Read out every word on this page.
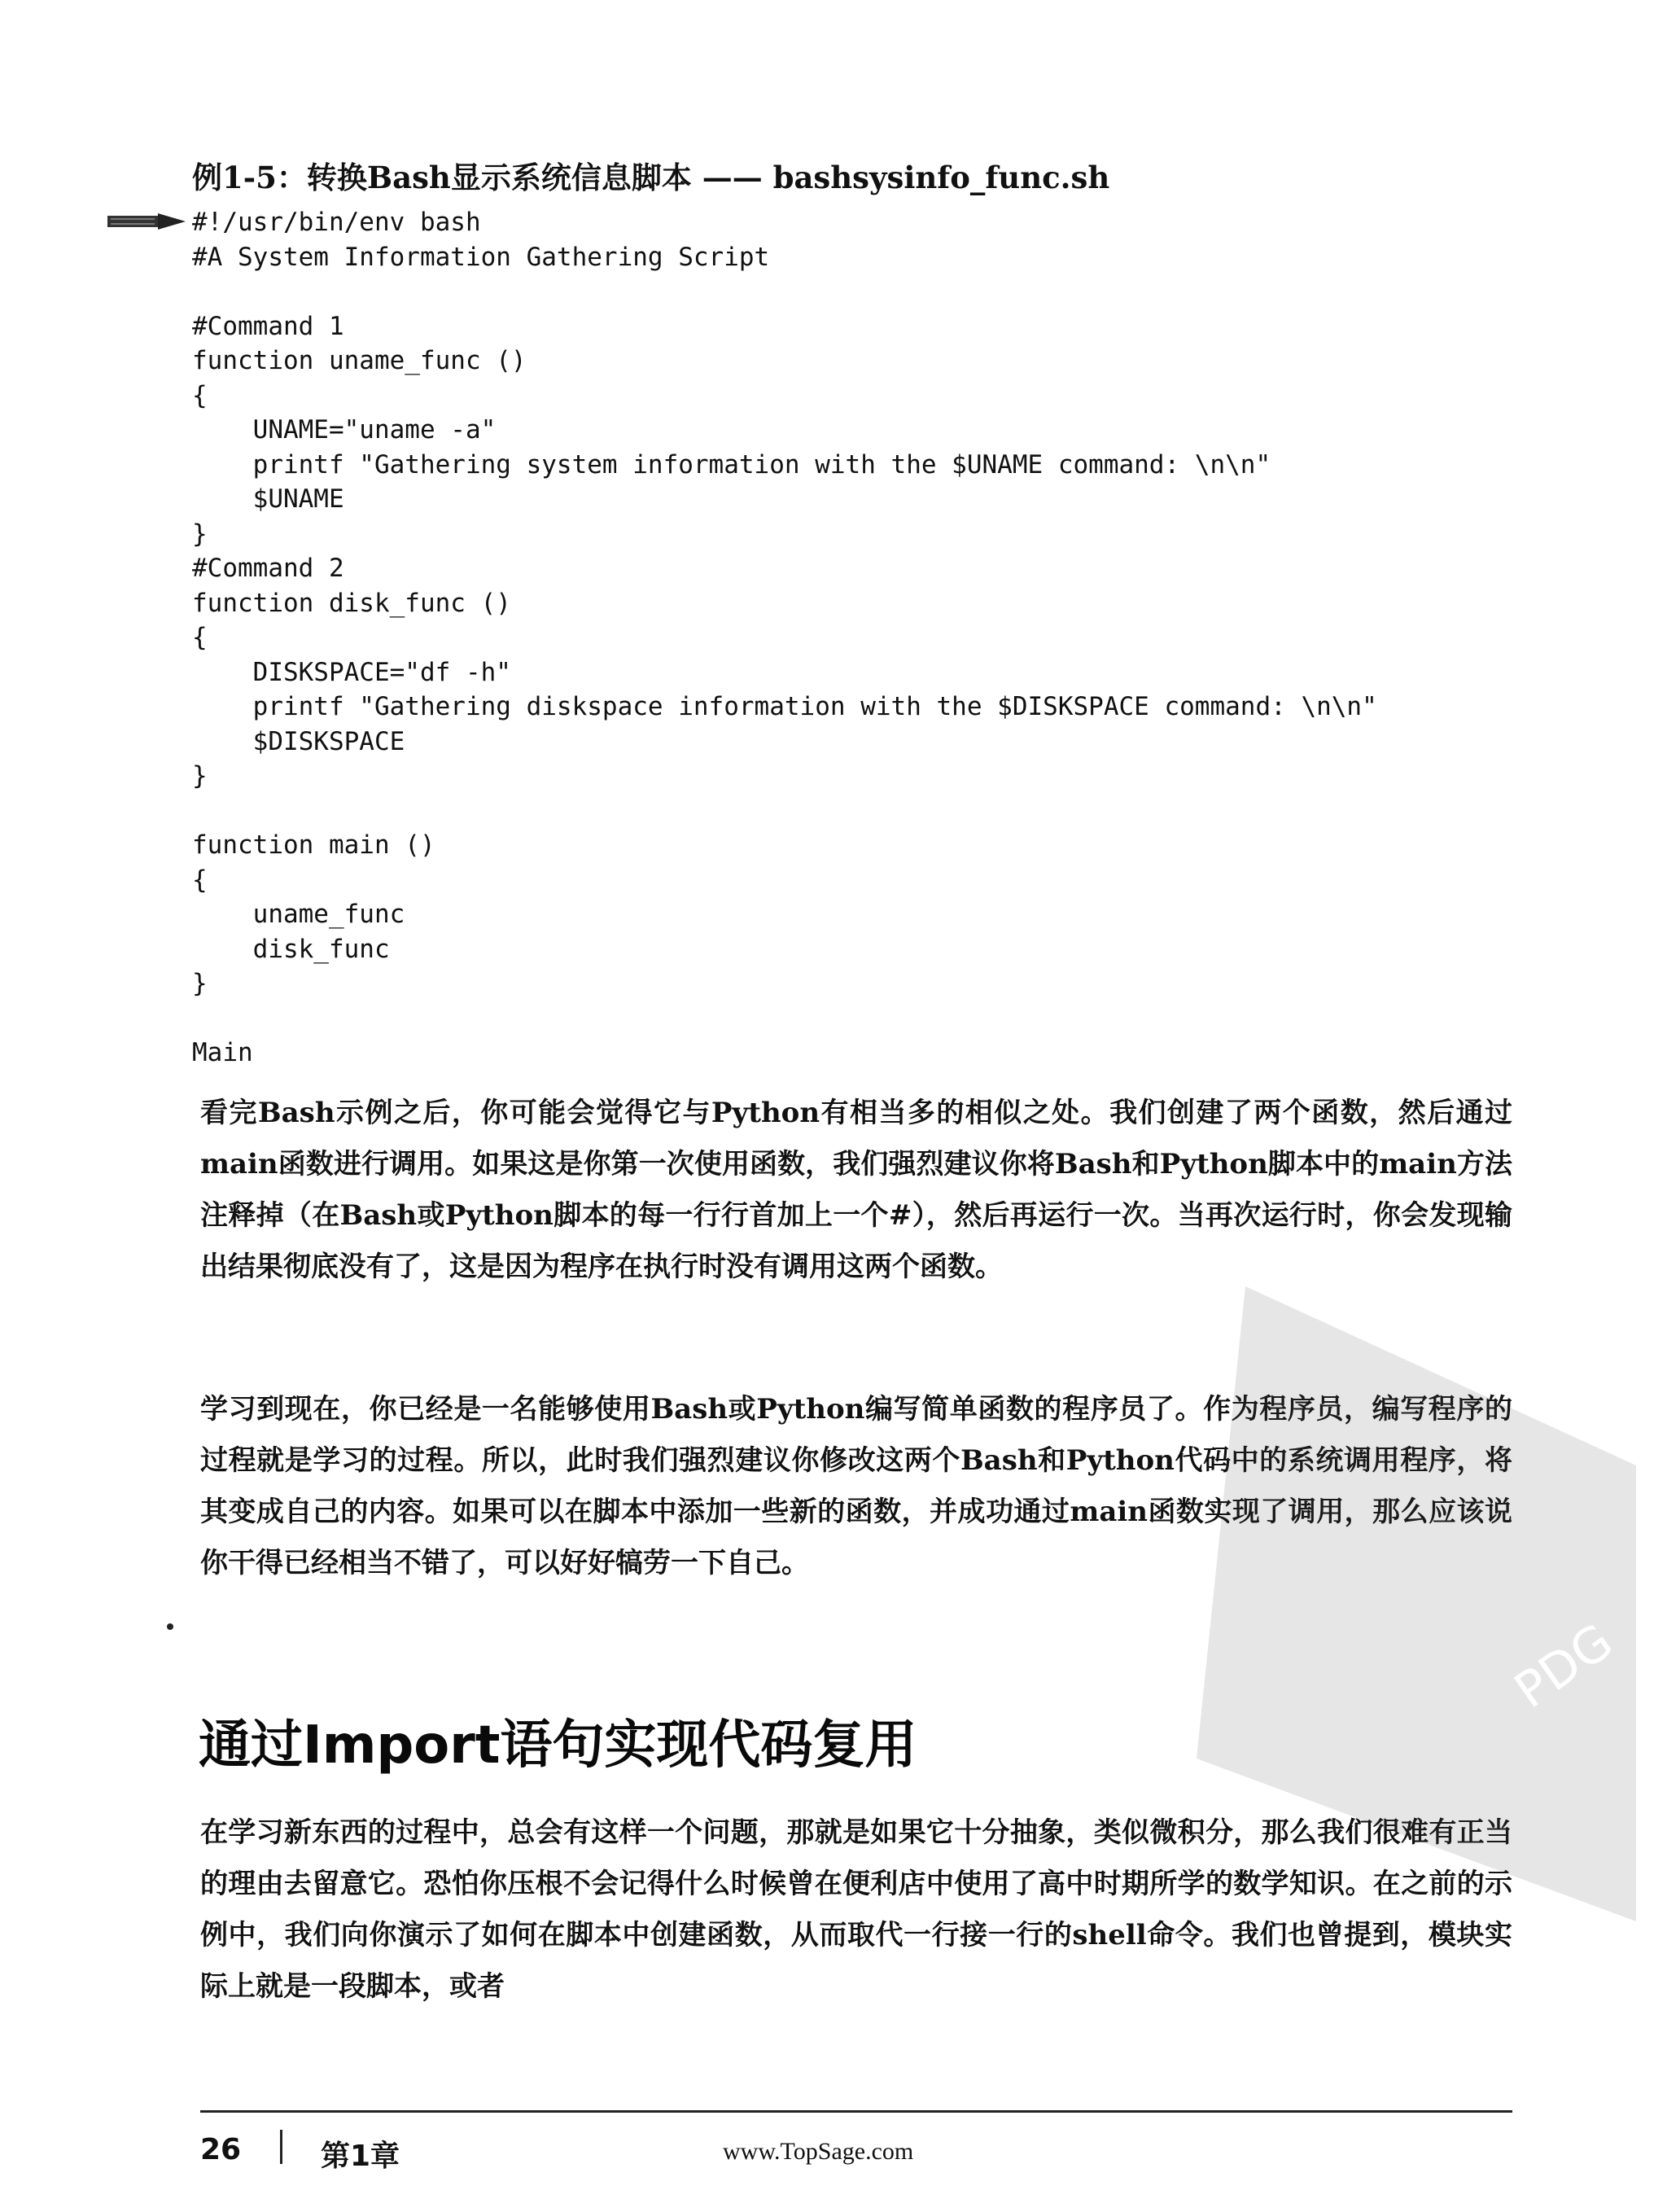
例1-5：转换Bash显示系统信息脚本 —— bashsysinfo_func.sh
#!/usr/bin/env bash
#A System Information Gathering Script
#Command 1
function uname_func ()
{
UNAME="uname -a"
printf "Gathering system information with the $UNAME command: \n\n"
$UNAME
}
#Command 2
function disk_func ()
{
DISKSPACE="df -h"
printf "Gathering diskspace information with the $DISKSPACE command: \n\n"
$DISKSPACE
}
function main ()
{
uname_func
disk_func
}
Main

看完Bash示例之后，你可能会觉得它与Python有相当多的相似之处。我们创建了两个函数，然后通过main函数进行调用。如果这是你第一次使用函数，我们强烈建议你将Bash和Python脚本中的main方法注释掉（在Bash或Python脚本的每一行行首加上一个#），然后再运行一次。当再次运行时，你会发现输出结果彻底没有了，这是因为程序在执行时没有调用这两个函数。

学习到现在，你已经是一名能够使用Bash或Python编写简单函数的程序员了。作为程序员，编写程序的过程就是学习的过程。所以，此时我们强烈建议你修改这两个Bash和Python代码中的系统调用程序，将其变成自己的内容。如果可以在脚本中添加一些新的函数，并成功通过main函数实现了调用，那么应该说你干得已经相当不错了，可以好好犒劳一下自己。

通过Import语句实现代码复用

在学习新东西的过程中，总会有这样一个问题，那就是如果它十分抽象，类似微积分，那么我们很难有正当的理由去留意它。恐怕你压根不会记得什么时候曾在便利店中使用了高中时期所学的数学知识。在之前的示例中，我们向你演示了如何在脚本中创建函数，从而取代一行接一行的shell命令。我们也曾提到，模块实际上就是一段脚本，或者

PDG
26	第1章	www.TopSage.com
